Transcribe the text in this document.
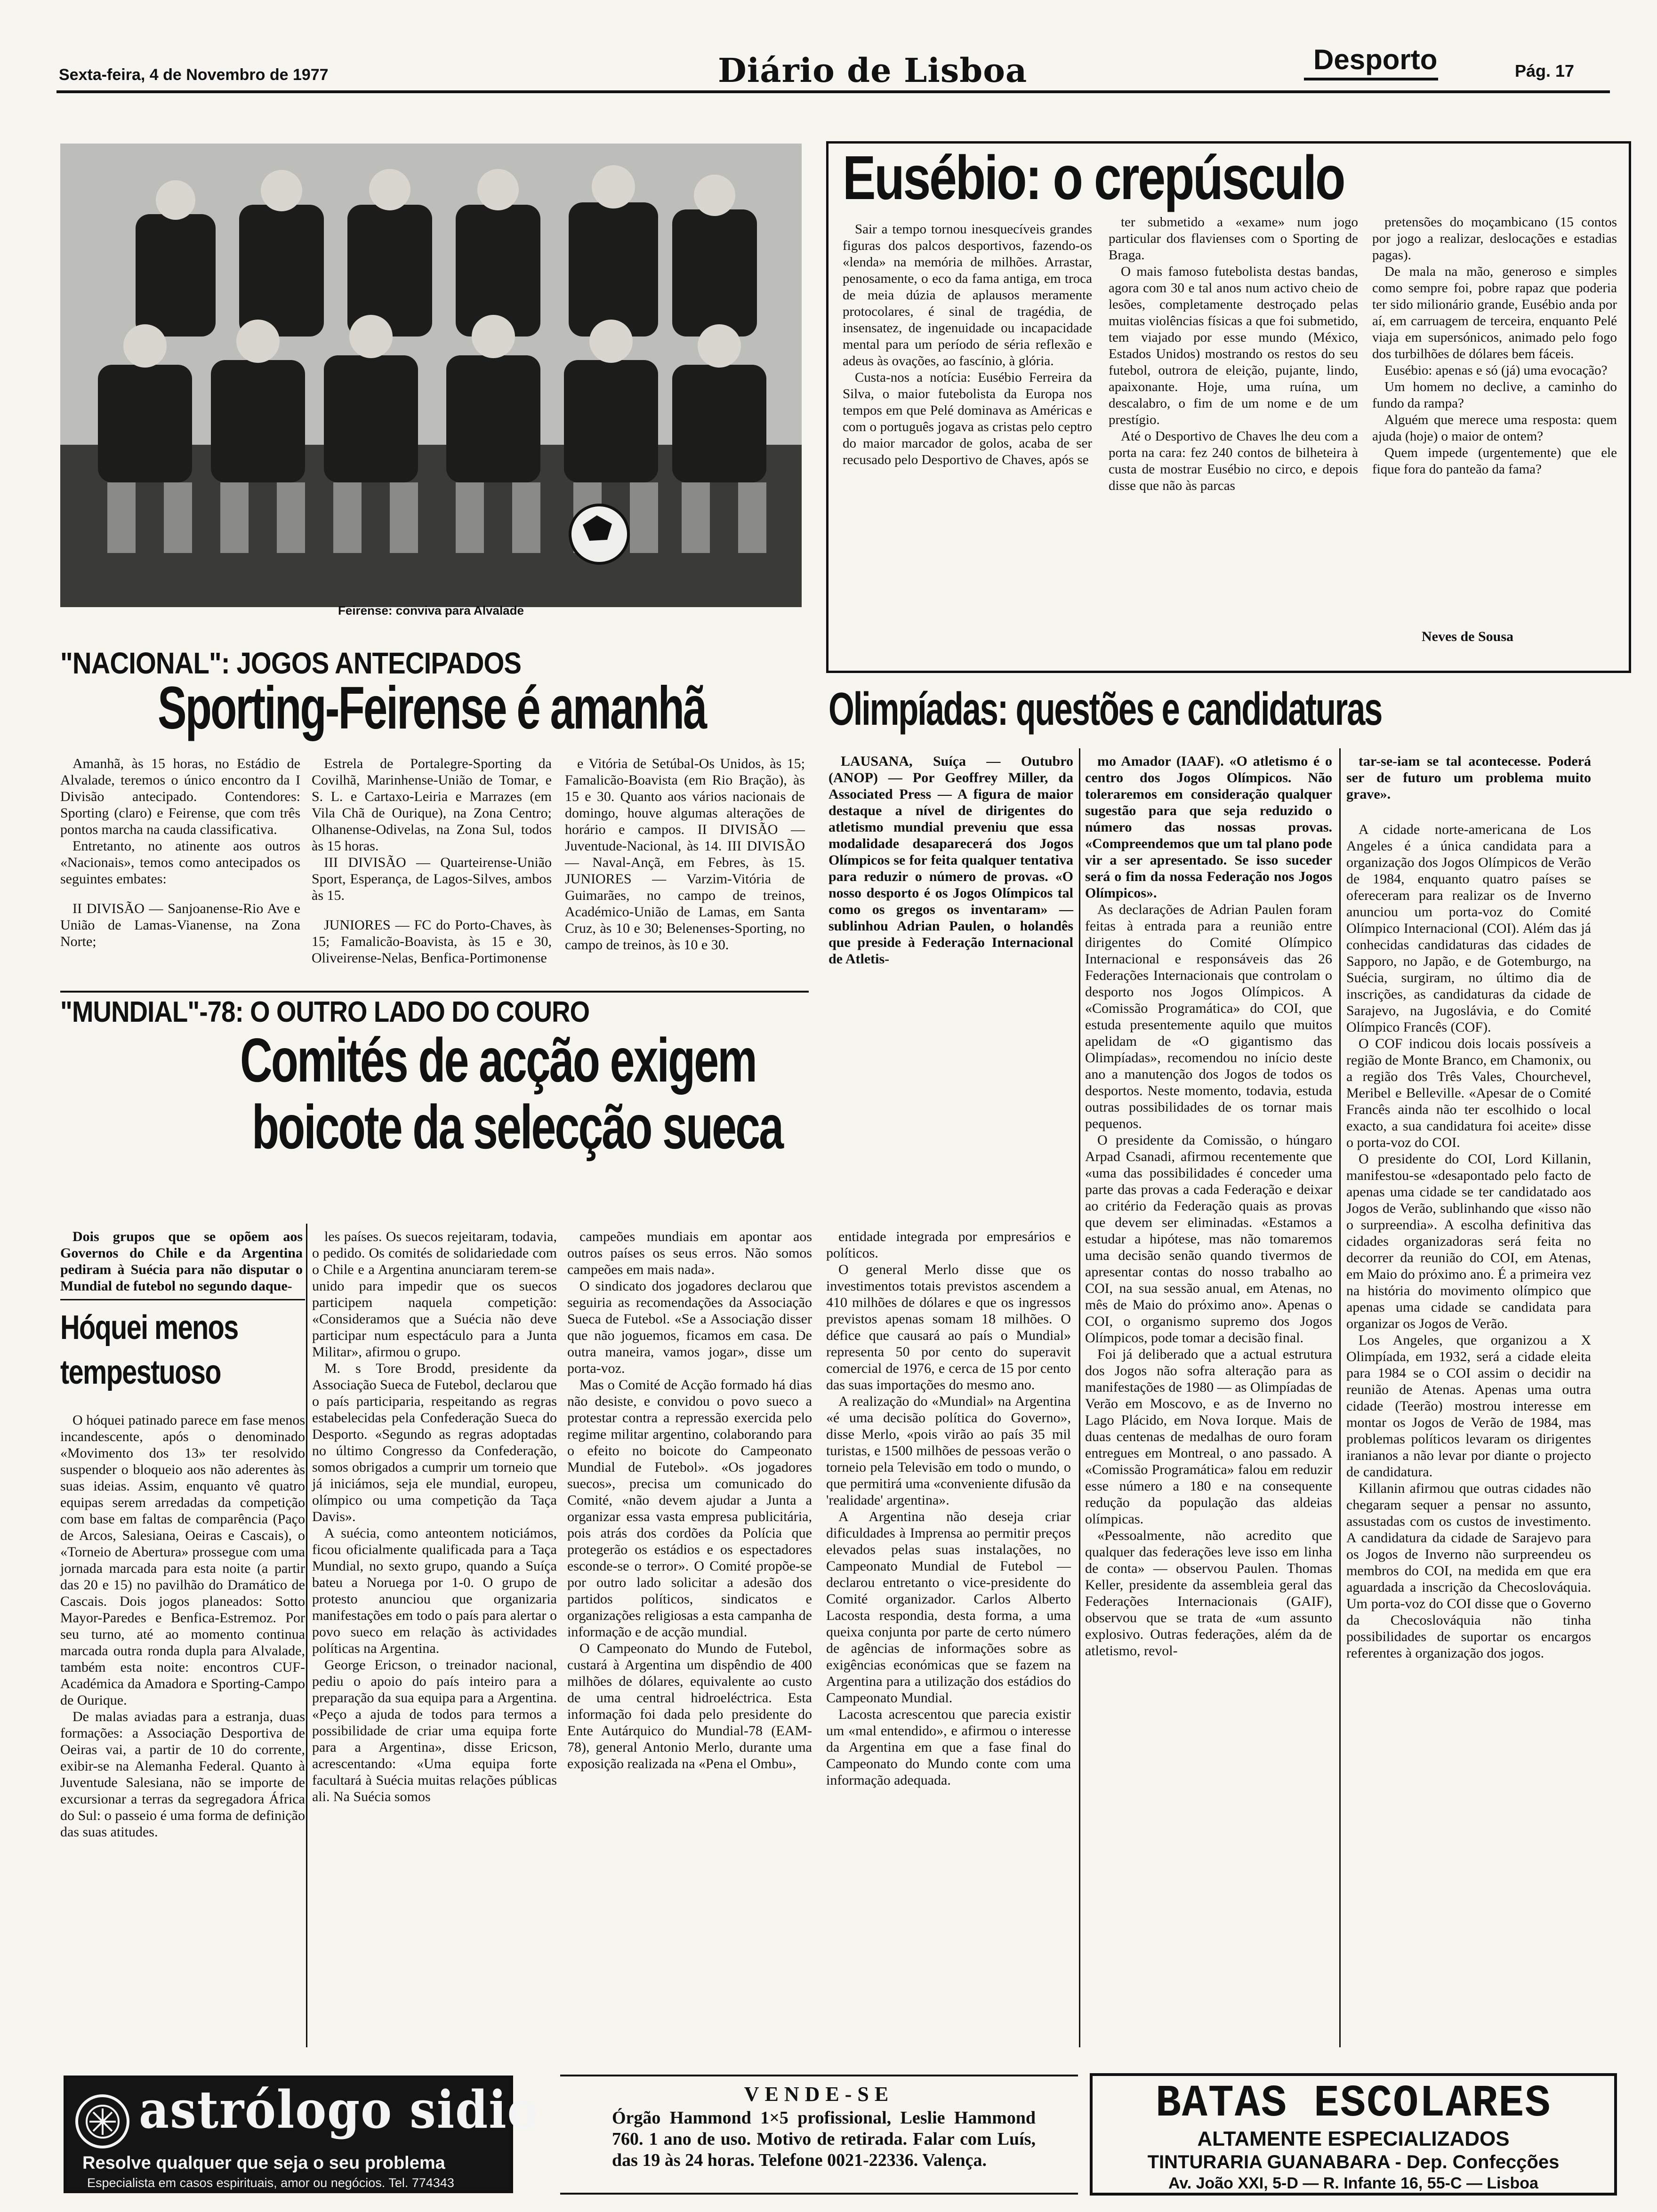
Sexta-feira, 4 de Novembro de 1977	Diário de Lisboa	Desporto	Pág. 17
Feirense: conviva para Alvalade
Eusébio: o crepúsculo

Sair a tempo tornou inesquecíveis grandes figuras dos palcos desportivos, fazendo-os «lenda» na memória de milhões. Arrastar, penosamente, o eco da fama antiga, em troca de meia dúzia de aplausos meramente protocolares, é sinal de tragédia, de insensatez, de ingenuidade ou incapacidade mental para um período de séria reflexão e adeus às ovações, ao fascínio, à glória.

Custa-nos a notícia: Eusébio Ferreira da Silva, o maior futebolista da Europa nos tempos em que Pelé dominava as Américas e com o português jogava as cristas pelo ceptro do maior marcador de golos, acaba de ser recusado pelo Desportivo de Chaves, após se

ter submetido a «exame» num jogo particular dos flavienses com o Sporting de Braga.

O mais famoso futebolista destas bandas, agora com 30 e tal anos num activo cheio de lesões, completamente destroçado pelas muitas violências físicas a que foi submetido, tem viajado por esse mundo (México, Estados Unidos) mostrando os restos do seu futebol, outrora de eleição, pujante, lindo, apaixonante. Hoje, uma ruína, um descalabro, o fim de um nome e de um prestígio.

Até o Desportivo de Chaves lhe deu com a porta na cara: fez 240 contos de bilheteira à custa de mostrar Eusébio no circo, e depois disse que não às parcas

pretensões do moçambicano (15 contos por jogo a realizar, deslocações e estadias pagas).

De mala na mão, generoso e simples como sempre foi, pobre rapaz que poderia ter sido milionário grande, Eusébio anda por aí, em carruagem de terceira, enquanto Pelé viaja em supersónicos, animado pelo fogo dos turbilhões de dólares bem fáceis.

Eusébio: apenas e só (já) uma evocação?

Um homem no declive, a caminho do fundo da rampa?

Alguém que merece uma resposta: quem ajuda (hoje) o maior de ontem?

Quem impede (urgentemente) que ele fique fora do panteão da fama?

Neves de Sousa
"NACIONAL": JOGOS ANTECIPADOS
Sporting-Feirense é amanhã

Amanhã, às 15 horas, no Estádio de Alvalade, teremos o único encontro da I Divisão antecipado. Contendores: Sporting (claro) e Feirense, que com três pontos marcha na cauda classificativa.

Entretanto, no atinente aos outros «Nacionais», temos como antecipados os seguintes embates:

II DIVISÃO — Sanjoanense-Rio Ave e União de Lamas-Vianense, na Zona Norte;

Estrela de Portalegre-Sporting da Covilhã, Marinhense-União de Tomar, e S. L. e Cartaxo-Leiria e Marrazes (em Vila Chã de Ourique), na Zona Centro; Olhanense-Odivelas, na Zona Sul, todos às 15 horas.

III DIVISÃO — Quarteirense-União Sport, Esperança, de Lagos-Silves, ambos às 15.

JUNIORES — FC do Porto-Chaves, às 15; Famalicão-Boavista, às 15 e 30, Oliveirense-Nelas, Benfica-Portimonense

e Vitória de Setúbal-Os Unidos, às 15; Famalicão-Boavista (em Rio Bração), às 15 e 30. Quanto aos vários nacionais de domingo, houve algumas alterações de horário e campos. II DIVISÃO — Juventude-Nacional, às 14. III DIVISÃO — Naval-Ançã, em Febres, às 15. JUNIORES — Varzim-Vitória de Guimarães, no campo de treinos, Académico-União de Lamas, em Santa Cruz, às 10 e 30; Belenenses-Sporting, no campo de treinos, às 10 e 30.

Olimpíadas: questões e candidaturas

LAUSANA, Suíça — Outubro (ANOP) — Por Geoffrey Miller, da Associated Press — A figura de maior destaque a nível de dirigentes do atletismo mundial preveniu que essa modalidade desaparecerá dos Jogos Olímpicos se for feita qualquer tentativa para reduzir o número de provas. «O nosso desporto é os Jogos Olímpicos tal como os gregos os inventaram» — sublinhou Adrian Paulen, o holandês que preside à Federação Internacional de Atletis-

mo Amador (IAAF). «O atletismo é o centro dos Jogos Olímpicos. Não toleraremos em consideração qualquer sugestão para que seja reduzido o número das nossas provas. «Compreendemos que um tal plano pode vir a ser apresentado. Se isso suceder será o fim da nossa Federação nos Jogos Olímpicos».

As declarações de Adrian Paulen foram feitas à entrada para a reunião entre dirigentes do Comité Olímpico Internacional e responsáveis das 26 Federações Internacionais que controlam o desporto nos Jogos Olímpicos. A «Comissão Programática» do COI, que estuda presentemente aquilo que muitos apelidam de «O gigantismo das Olimpíadas», recomendou no início deste ano a manutenção dos Jogos de todos os desportos. Neste momento, todavia, estuda outras possibilidades de os tornar mais pequenos.

O presidente da Comissão, o húngaro Arpad Csanadi, afirmou recentemente que «uma das possibilidades é conceder uma parte das provas a cada Federação e deixar ao critério da Federação quais as provas que devem ser eliminadas. «Estamos a estudar a hipótese, mas não tomaremos uma decisão senão quando tivermos de apresentar contas do nosso trabalho ao COI, na sua sessão anual, em Atenas, no mês de Maio do próximo ano». Apenas o COI, o organismo supremo dos Jogos Olímpicos, pode tomar a decisão final.

Foi já deliberado que a actual estrutura dos Jogos não sofra alteração para as manifestações de 1980 — as Olimpíadas de Verão em Moscovo, e as de Inverno no Lago Plácido, em Nova Iorque. Mais de duas centenas de medalhas de ouro foram entregues em Montreal, o ano passado. A «Comissão Programática» falou em reduzir esse número a 180 e na consequente redução da população das aldeias olímpicas.

«Pessoalmente, não acredito que qualquer das federações leve isso em linha de conta» — observou Paulen. Thomas Keller, presidente da assembleia geral das Federações Internacionais (GAIF), observou que se trata de «um assunto explosivo. Outras federações, além da de atletismo, revol-

tar-se-iam se tal acontecesse. Poderá ser de futuro um problema muito grave».

A cidade norte-americana de Los Angeles é a única candidata para a organização dos Jogos Olímpicos de Verão de 1984, enquanto quatro países se ofereceram para realizar os de Inverno anunciou um porta-voz do Comité Olímpico Internacional (COI). Além das já conhecidas candidaturas das cidades de Sapporo, no Japão, e de Gotemburgo, na Suécia, surgiram, no último dia de inscrições, as candidaturas da cidade de Sarajevo, na Jugoslávia, e do Comité Olímpico Francês (COF).

O COF indicou dois locais possíveis a região de Monte Branco, em Chamonix, ou a região dos Três Vales, Chourchevel, Meribel e Belleville. «Apesar de o Comité Francês ainda não ter escolhido o local exacto, a sua candidatura foi aceite» disse o porta-voz do COI.

O presidente do COI, Lord Killanin, manifestou-se «desapontado pelo facto de apenas uma cidade se ter candidatado aos Jogos de Verão, sublinhando que «isso não o surpreendia». A escolha definitiva das cidades organizadoras será feita no decorrer da reunião do COI, em Atenas, em Maio do próximo ano. É a primeira vez na história do movimento olímpico que apenas uma cidade se candidata para organizar os Jogos de Verão.

Los Angeles, que organizou a X Olimpíada, em 1932, será a cidade eleita para 1984 se o COI assim o decidir na reunião de Atenas. Apenas uma outra cidade (Teerão) mostrou interesse em montar os Jogos de Verão de 1984, mas problemas políticos levaram os dirigentes iranianos a não levar por diante o projecto de candidatura.

Killanin afirmou que outras cidades não chegaram sequer a pensar no assunto, assustadas com os custos de investimento. A candidatura da cidade de Sarajevo para os Jogos de Inverno não surpreendeu os membros do COI, na medida em que era aguardada a inscrição da Checoslováquia. Um porta-voz do COI disse que o Governo da Checoslováquia não tinha possibilidades de suportar os encargos referentes à organização dos jogos.

"MUNDIAL"-78: O OUTRO LADO DO COURO
Comités de acção exigem
boicote da selecção sueca

Dois grupos que se opõem aos Governos do Chile e da Argentina pediram à Suécia para não disputar o Mundial de futebol no segundo daque-

Hóquei menos
tempestuoso

O hóquei patinado parece em fase menos incandescente, após o denominado «Movimento dos 13» ter resolvido suspender o bloqueio aos não aderentes às suas ideias. Assim, enquanto vê quatro equipas serem arredadas da competição com base em faltas de comparência (Paço de Arcos, Salesiana, Oeiras e Cascais), o «Torneio de Abertura» prossegue com uma jornada marcada para esta noite (a partir das 20 e 15) no pavilhão do Dramático de Cascais. Dois jogos planeados: Sotto Mayor-Paredes e Benfica-Estremoz. Por seu turno, até ao momento continua marcada outra ronda dupla para Alvalade, também esta noite: encontros CUF-Académica da Amadora e Sporting-Campo de Ourique.

De malas aviadas para a estranja, duas formações: a Associação Desportiva de Oeiras vai, a partir de 10 do corrente, exibir-se na Alemanha Federal. Quanto à Juventude Salesiana, não se importe de excursionar a terras da segregadora África do Sul: o passeio é uma forma de definição das suas atitudes.

les países. Os suecos rejeitaram, todavia, o pedido. Os comités de solidariedade com o Chile e a Argentina anunciaram terem-se unido para impedir que os suecos participem naquela competição: «Consideramos que a Suécia não deve participar num espectáculo para a Junta Militar», afirmou o grupo.

M. s Tore Brodd, presidente da Associação Sueca de Futebol, declarou que o país participaria, respeitando as regras estabelecidas pela Confederação Sueca do Desporto. «Segundo as regras adoptadas no último Congresso da Confederação, somos obrigados a cumprir um torneio que já iniciámos, seja ele mundial, europeu, olímpico ou uma competição da Taça Davis».

A suécia, como anteontem noticiámos, ficou oficialmente qualificada para a Taça Mundial, no sexto grupo, quando a Suíça bateu a Noruega por 1-0. O grupo de protesto anunciou que organizaria manifestações em todo o país para alertar o povo sueco em relação às actividades políticas na Argentina.

George Ericson, o treinador nacional, pediu o apoio do país inteiro para a preparação da sua equipa para a Argentina. «Peço a ajuda de todos para termos a possibilidade de criar uma equipa forte para a Argentina», disse Ericson, acrescentando: «Uma equipa forte facultará à Suécia muitas relações públicas ali. Na Suécia somos

campeões mundiais em apontar aos outros países os seus erros. Não somos campeões em mais nada».

O sindicato dos jogadores declarou que seguiria as recomendações da Associação Sueca de Futebol. «Se a Associação disser que não joguemos, ficamos em casa. De outra maneira, vamos jogar», disse um porta-voz.

Mas o Comité de Acção formado há dias não desiste, e convidou o povo sueco a protestar contra a repressão exercida pelo regime militar argentino, colaborando para o efeito no boicote do Campeonato Mundial de Futebol». «Os jogadores suecos», precisa um comunicado do Comité, «não devem ajudar a Junta a organizar essa vasta empresa publicitária, pois atrás dos cordões da Polícia que protegerão os estádios e os espectadores esconde-se o terror». O Comité propõe-se por outro lado solicitar a adesão dos partidos políticos, sindicatos e organizações religiosas a esta campanha de informação e de acção mundial.

O Campeonato do Mundo de Futebol, custará à Argentina um dispêndio de 400 milhões de dólares, equivalente ao custo de uma central hidroeléctrica. Esta informação foi dada pelo presidente do Ente Autárquico do Mundial-78 (EAM-78), general Antonio Merlo, durante uma exposição realizada na «Pena el Ombu»,

entidade integrada por empresários e políticos.

O general Merlo disse que os investimentos totais previstos ascendem a 410 milhões de dólares e que os ingressos previstos apenas somam 18 milhões. O défice que causará ao país o Mundial» representa 50 por cento do superavit comercial de 1976, e cerca de 15 por cento das suas importações do mesmo ano.

A realização do «Mundial» na Argentina «é uma decisão política do Governo», disse Merlo, «pois virão ao país 35 mil turistas, e 1500 milhões de pessoas verão o torneio pela Televisão em todo o mundo, o que permitirá uma «conveniente difusão da 'realidade' argentina».

A Argentina não deseja criar dificuldades à Imprensa ao permitir preços elevados pelas suas instalações, no Campeonato Mundial de Futebol — declarou entretanto o vice-presidente do Comité organizador. Carlos Alberto Lacosta respondia, desta forma, a uma queixa conjunta por parte de certo número de agências de informações sobre as exigências económicas que se fazem na Argentina para a utilização dos estádios do Campeonato Mundial.

Lacosta acrescentou que parecia existir um «mal entendido», e afirmou o interesse da Argentina em que a fase final do Campeonato do Mundo conte com uma informação adequada.

astrólogo sidio
Resolve qualquer que seja o seu problema
Especialista em casos espirituais, amor ou negócios. Tel. 774343
VENDE-SE
Órgão Hammond 1×5 profissional, Leslie Hammond 760. 1 ano de uso. Motivo de retirada. Falar com Luís, das 19 às 24 horas. Telefone 0021-22336. Valença.
BATAS ESCOLARES
ALTAMENTE ESPECIALIZADOS
TINTURARIA GUANABARA - Dep. Confecções
Av. João XXI, 5-D — R. Infante 16, 55-C — Lisboa
